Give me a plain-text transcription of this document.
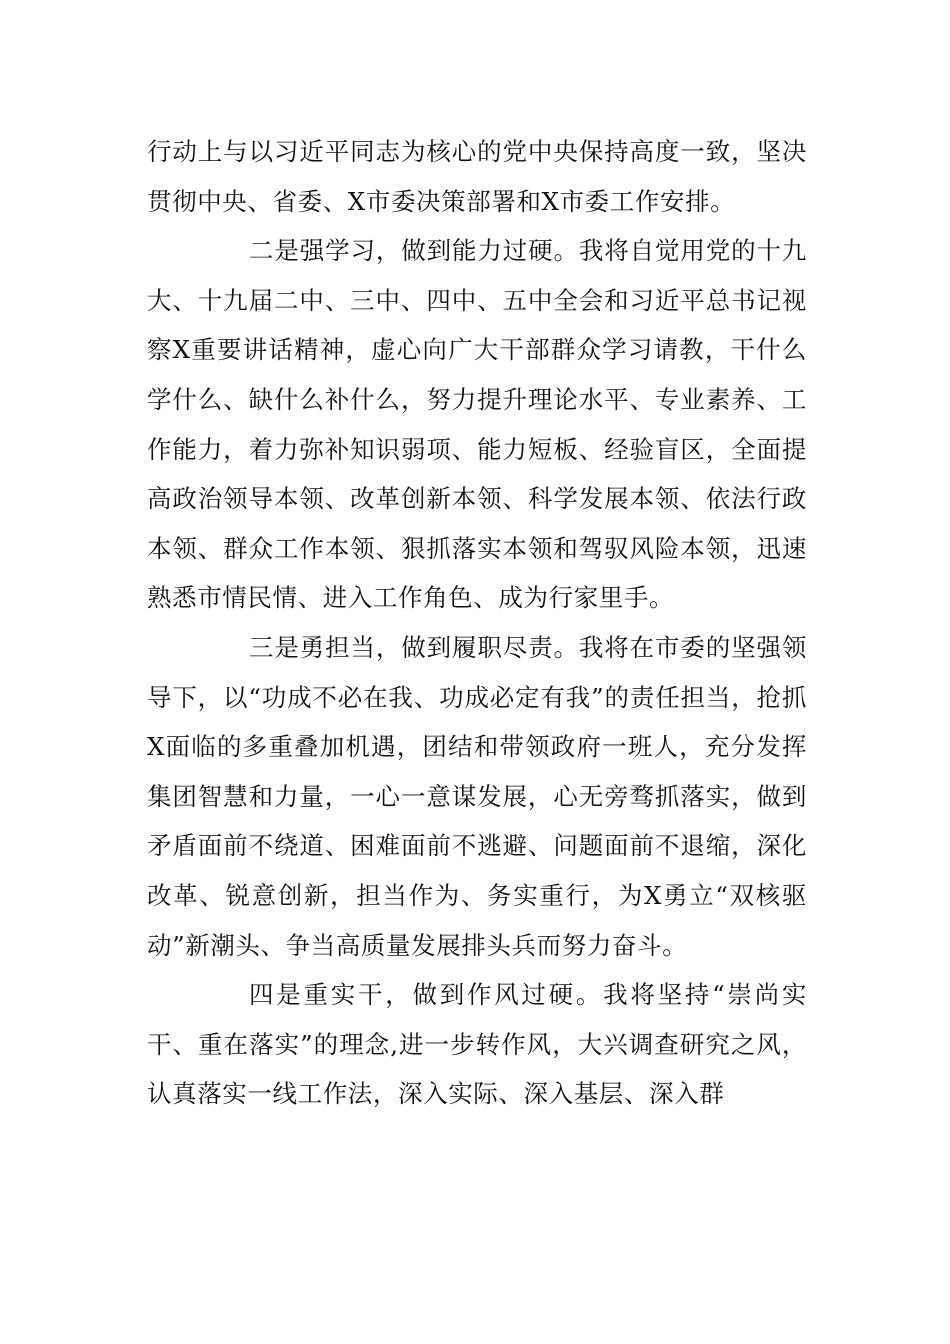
行动上与以习近平同志为核心的党中央保持高度一致，坚决贯彻中央、省委、X市委决策部署和X市委工作安排。

二是强学习，做到能力过硬。我将自觉用党的十九大、十九届二中、三中、四中、五中全会和习近平总书记视察X重要讲话精神，虚心向广大干部群众学习请教，干什么学什么、缺什么补什么，努力提升理论水平、专业素养、工作能力，着力弥补知识弱项、能力短板、经验盲区，全面提高政治领导本领、改革创新本领、科学发展本领、依法行政本领、群众工作本领、狠抓落实本领和驾驭风险本领，迅速熟悉市情民情、进入工作角色、成为行家里手。

三是勇担当，做到履职尽责。我将在市委的坚强领导下，以“功成不必在我、功成必定有我”的责任担当，抢抓X面临的多重叠加机遇，团结和带领政府一班人，充分发挥集团智慧和力量，一心一意谋发展，心无旁骛抓落实，做到矛盾面前不绕道、困难面前不逃避、问题面前不退缩，深化改革、锐意创新，担当作为、务实重行，为X勇立“双核驱动”新潮头、争当高质量发展排头兵而努力奋斗。

四是重实干，做到作风过硬。我将坚持“崇尚实干、重在落实”的理念,进一步转作风，大兴调查研究之风，认真落实一线工作法，深入实际、深入基层、深入群
